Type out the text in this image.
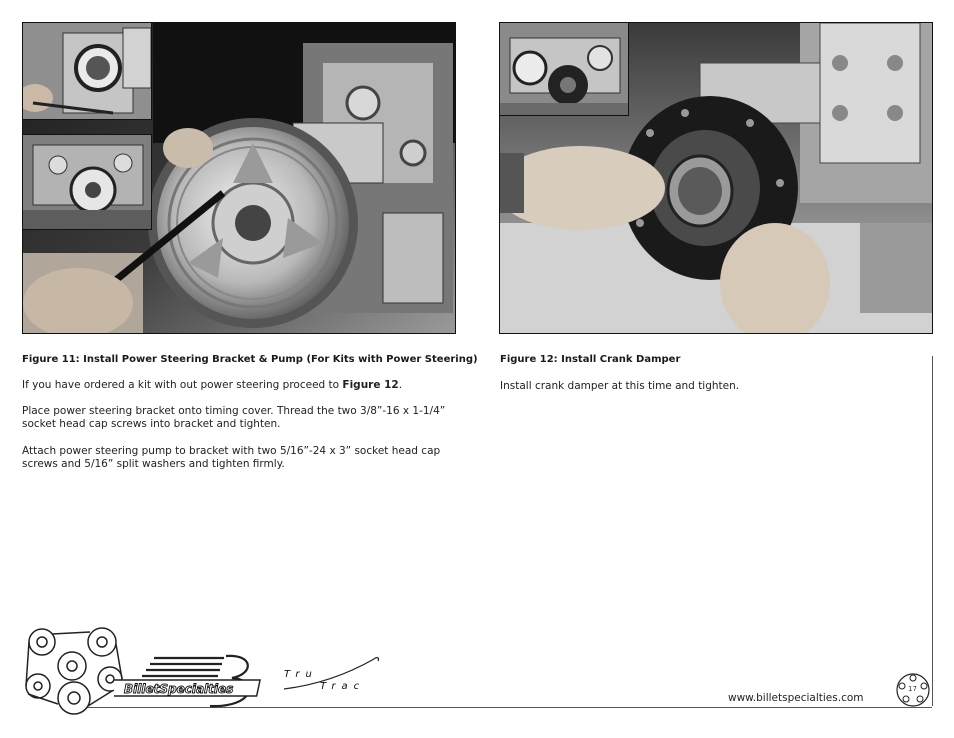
Figure 11: Install Power Steering Bracket & Pump (For Kits with Power Steering)
If you have ordered a kit with out power steering proceed to Figure 12.
Place power steering bracket onto timing cover. Thread the two 3/8”-16 x 1-1/4”
socket head cap screws into bracket and tighten.
Attach power steering pump to bracket with two 5/16”-24 x 3” socket head cap
screws and 5/16” split washers and tighten firmly.
Figure 12: Install Crank Damper
Install crank damper at this time and tighten.
BilletSpecialties
Tru
Trac
www.billetspecialties.com
17
